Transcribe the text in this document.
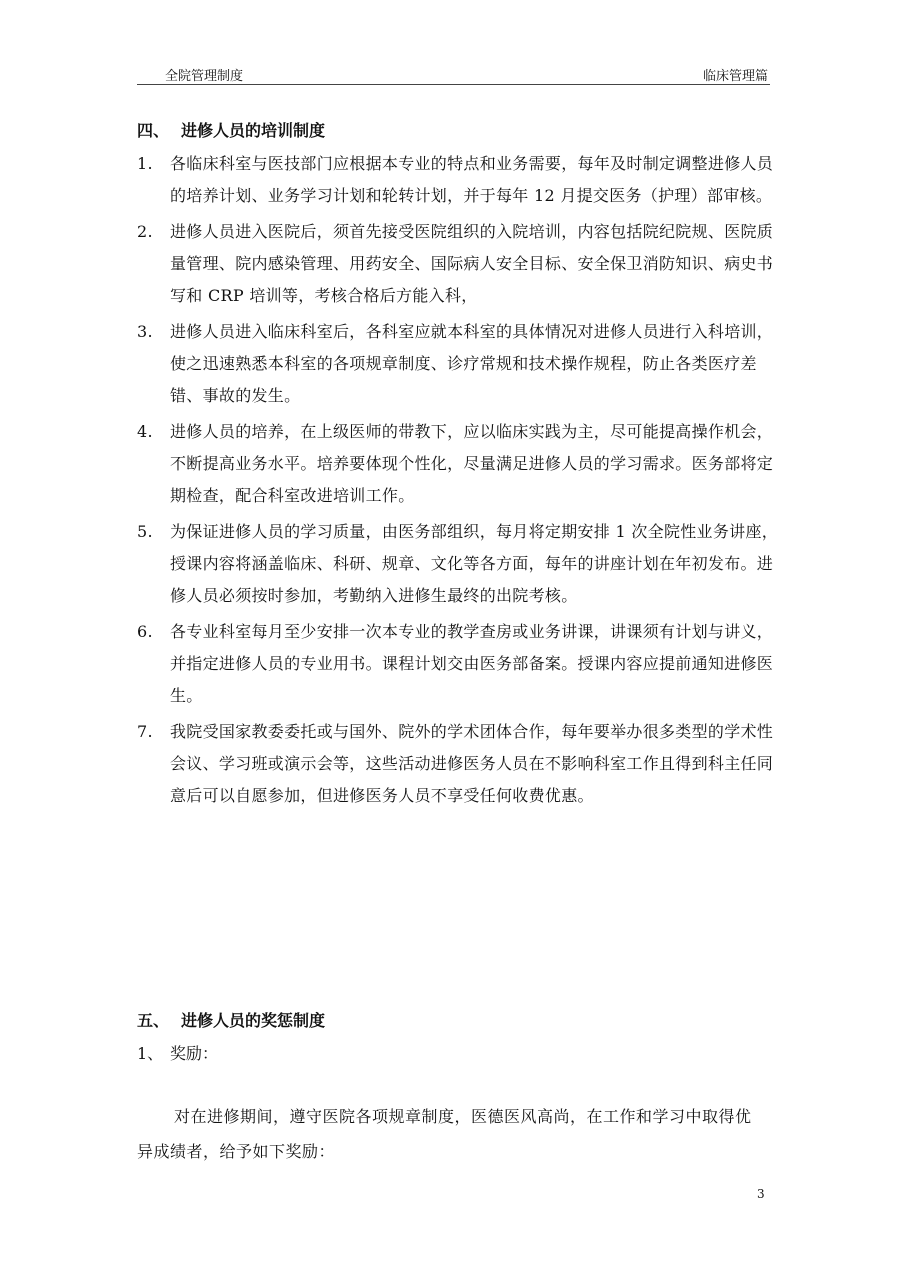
全院管理制度	临床管理篇
四、 进修人员的培训制度
1. 各临床科室与医技部门应根据本专业的特点和业务需要，每年及时制定调整进修人员的培养计划、业务学习计划和轮转计划，并于每年 12 月提交医务（护理）部审核。
2. 进修人员进入医院后，须首先接受医院组织的入院培训，内容包括院纪院规、医院质量管理、院内感染管理、用药安全、国际病人安全目标、安全保卫消防知识、病史书写和 CRP 培训等，考核合格后方能入科，
3. 进修人员进入临床科室后，各科室应就本科室的具体情况对进修人员进行入科培训，使之迅速熟悉本科室的各项规章制度、诊疗常规和技术操作规程，防止各类医疗差错、事故的发生。
4. 进修人员的培养，在上级医师的带教下，应以临床实践为主，尽可能提高操作机会，不断提高业务水平。培养要体现个性化，尽量满足进修人员的学习需求。医务部将定期检查，配合科室改进培训工作。
5. 为保证进修人员的学习质量，由医务部组织，每月将定期安排 1 次全院性业务讲座，授课内容将涵盖临床、科研、规章、文化等各方面，每年的讲座计划在年初发布。进修人员必须按时参加，考勤纳入进修生最终的出院考核。
6. 各专业科室每月至少安排一次本专业的教学查房或业务讲课，讲课须有计划与讲义，并指定进修人员的专业用书。课程计划交由医务部备案。授课内容应提前通知进修医生。
7. 我院受国家教委委托或与国外、院外的学术团体合作，每年要举办很多类型的学术性会议、学习班或演示会等，这些活动进修医务人员在不影响科室工作且得到科主任同意后可以自愿参加，但进修医务人员不享受任何收费优惠。
五、 进修人员的奖惩制度
1、 奖励：

对在进修期间，遵守医院各项规章制度，医德医风高尚，在工作和学习中取得优异成绩者，给予如下奖励：

3
